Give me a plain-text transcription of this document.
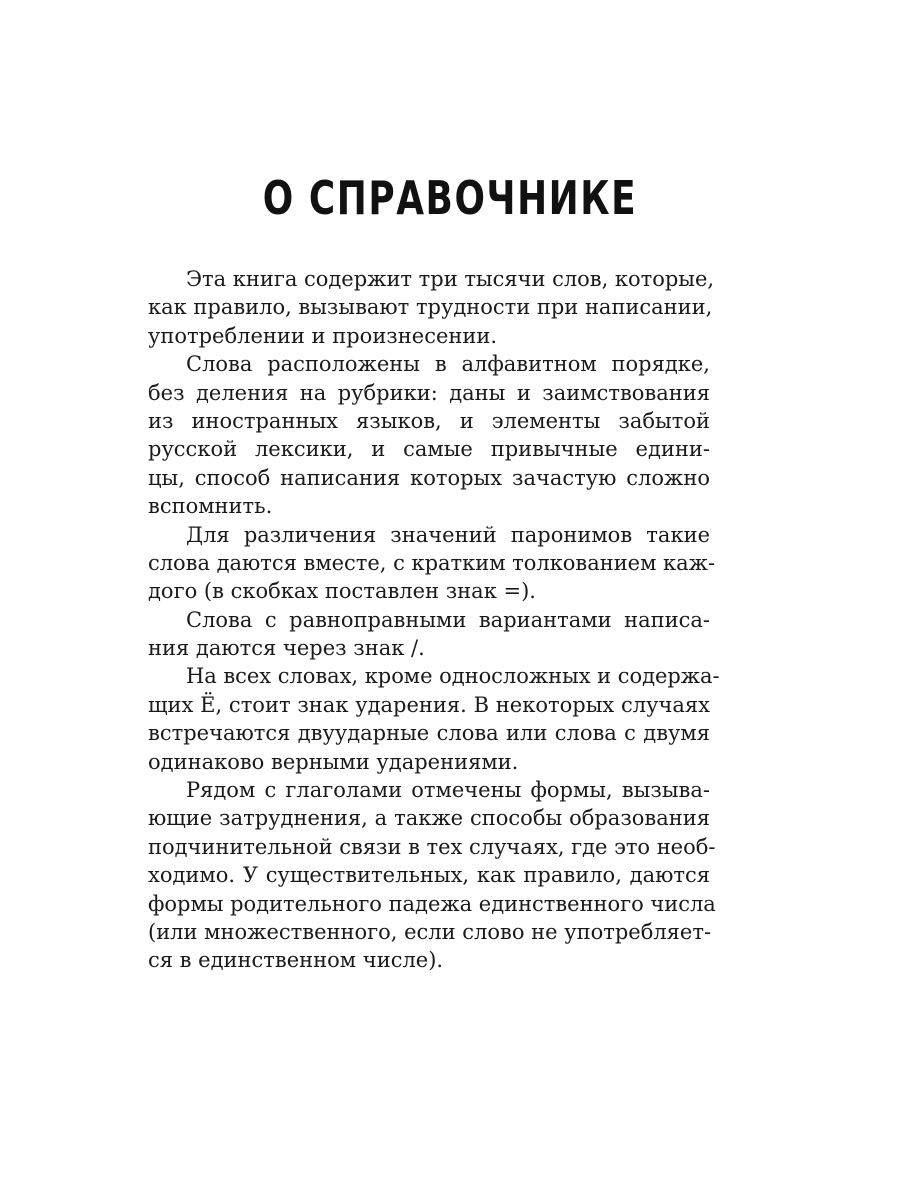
О СПРАВОЧНИКЕ
Эта книга содержит три тысячи слов, которые,
как правило, вызывают трудности при написании,
употреблении и произнесении.
Слова расположены в алфавитном порядке,
без деления на рубрики: даны и заимствования
из иностранных языков, и элементы забытой
русской лексики, и самые привычные едини-
цы, способ написания которых зачастую сложно
вспомнить.
Для различения значений паронимов такие
слова даются вместе, с кратким толкованием каж-
дого (в скобках поставлен знак =).
Слова с равноправными вариантами написа-
ния даются через знак /.
На всех словах, кроме односложных и содержа-
щих Ё, стоит знак ударения. В некоторых случаях
встречаются двуударные слова или слова с двумя
одинаково верными ударениями.
Рядом с глаголами отмечены формы, вызыва-
ющие затруднения, а также способы образования
подчинительной связи в тех случаях, где это необ-
ходимо. У существительных, как правило, даются
формы родительного падежа единственного числа
(или множественного, если слово не употребляет-
ся в единственном числе).
